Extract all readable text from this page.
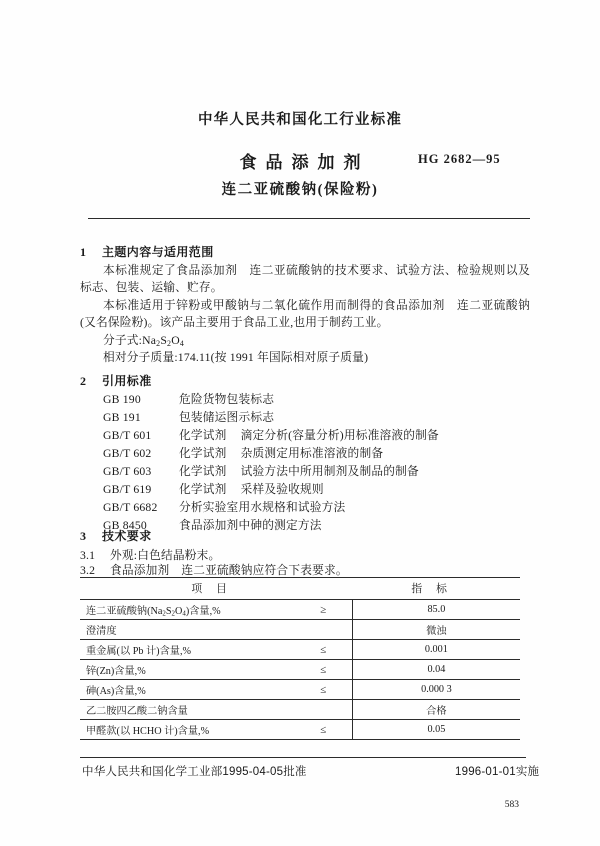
中华人民共和国化工行业标准
食品添加剂
连二亚硫酸钠(保险粉)
HG 2682—95
1 主题内容与适用范围
本标准规定了食品添加剂　连二亚硫酸钠的技术要求、试验方法、检验规则以及标志、包装、运输、贮存。
本标准适用于锌粉或甲酸钠与二氧化硫作用而制得的食品添加剂　连二亚硫酸钠(又名保险粉)。该产品主要用于食品工业,也用于制药工业。
分子式$:Na_2S_2O_4$
相对分子质量:174.11(按 1991 年国际相对原子质量)
2 引用标准
GB 190	危险货物包装标志
GB 191	包装储运图示标志
GB/T 601 化学试剂 滴定分析(容量分析)用标准溶液的制备
GB/T 602 化学试剂 杂质测定用标准溶液的制备
GB/T 603 化学试剂 试验方法中所用制剂及制品的制备
GB/T 619 化学试剂 采样及验收规则
GB/T 6682 分析实验室用水规格和试验方法
GB 8450	食品添加剂中砷的测定方法
3 技术要求
3.1 外观:白色结晶粉末。
3.2 食品添加剂　连二亚硫酸钠应符合下表要求。
项目		指标
连二亚硫酸钠$(Na_2S_2O_4)$含量,%	≥	85.0
澄清度		微浊
重金属(以 Pb 计)含量,%	≤	0.001
锌(Zn)含量,%	≤	0.04
砷(As)含量,%	≤	0.000 3
乙二胺四乙酸二钠含量		合格
甲醛款(以 HCHO 计)含量,%	≤	0.05
中华人民共和国化学工业部1995-04-05批准	1996-01-01实施
583
